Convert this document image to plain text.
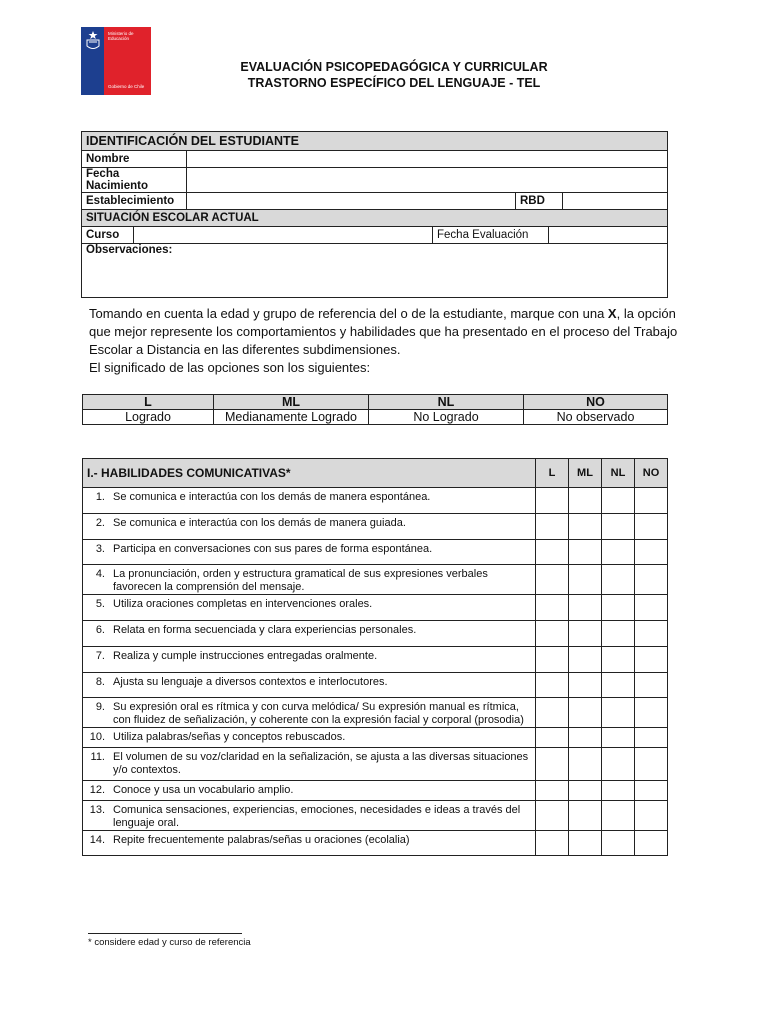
Ministerio de
Educación
Gobierno de Chile
EVALUACIÓN PSICOPEDAGÓGICA Y CURRICULAR
TRASTORNO ESPECÍFICO DEL LENGUAJE - TEL
IDENTIFICACIÓN DEL ESTUDIANTE
Nombre	
Fecha Nacimiento	
Establecimiento		RBD	
SITUACIÓN ESCOLAR ACTUAL

Curso		Fecha Evaluación	

Observaciones:
Tomando en cuenta la edad y grupo de referencia del o de la estudiante, marque con una X, la opción que mejor represente los comportamientos y habilidades que ha presentado en el proceso del Trabajo Escolar a Distancia en las diferentes subdimensiones.
El significado de las opciones son los siguientes:
L	ML	NL	NO
Logrado	Medianamente Logrado	No Logrado	No observado
I.- HABILIDADES COMUNICATIVAS*		L	ML	NL	NO
1.	Se comunica e interactúa con los demás de manera espontánea.				
2.	Se comunica e interactúa con los demás de manera guiada.				
3.	Participa en conversaciones con sus pares de forma espontánea.				
4.	La pronunciación, orden y estructura gramatical de sus expresiones verbales favorecen la comprensión del mensaje.				
5.	Utiliza oraciones completas en intervenciones orales.				
6.	Relata en forma secuenciada y clara experiencias personales.				
7.	Realiza y cumple instrucciones entregadas oralmente.				
8.	Ajusta su lenguaje a diversos contextos e interlocutores.				
9.	Su expresión oral es rítmica y con curva melódica/ Su expresión manual es rítmica, con fluidez de señalización, y coherente con la expresión facial y corporal (prosodia)				
10.	Utiliza palabras/señas y conceptos rebuscados.				
11.	El volumen de su voz/claridad en la señalización, se ajusta a las diversas situaciones y/o contextos.				
12.	Conoce y usa un vocabulario amplio.				
13.	Comunica sensaciones, experiencias, emociones, necesidades e ideas a través del lenguaje oral.				
14.	Repite frecuentemente palabras/señas u oraciones (ecolalia)				
* considere edad y curso de referencia
